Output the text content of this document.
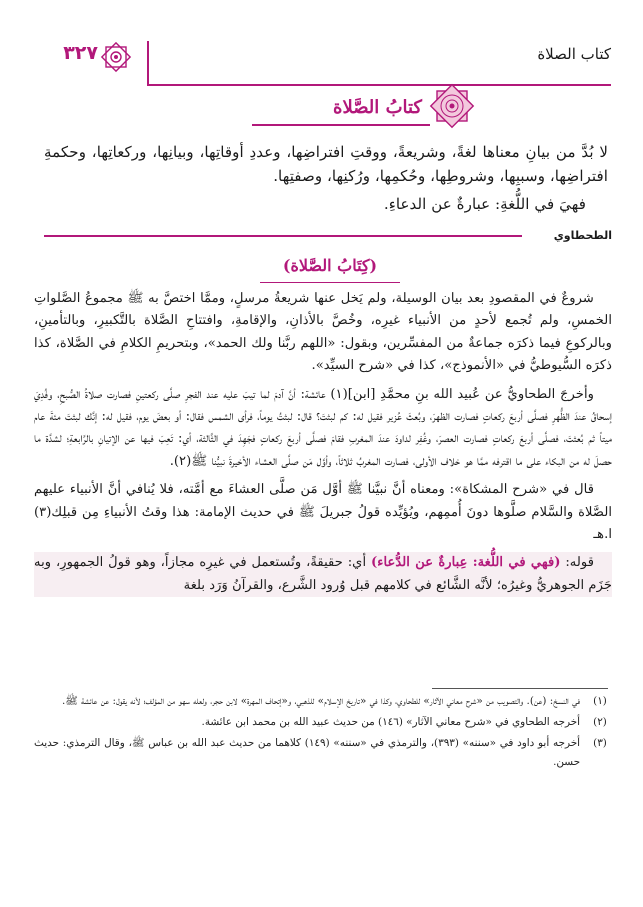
٣٢٧	كتاب الصلاة
كتابُ الصَّلاة

لا بُدَّ من بيانِ معناها لغةً، وشريعةً، ووقتِ افتراضِها، وعددِ أوقاتِها، وبيانِها، وركعاتِها، وحكمةِ افتراضِها، وسببِها، وشروطِها، وحُكمِها، ورُكنِها، وصفتِها.

فهيَ في اللُّغةِ: عبارةٌ عن الدعاءِ.

الطحطاوي
(كِتَابُ الصَّلاة)

شروعٌ في المقصودِ بعد بيان الوسيلة، ولم يَخل عنها شريعةُ مرسلٍ، وممَّا اختصَّ به ﷺ مجموعُ الصَّلواتِ الخمسِ، ولم تُجمع لأحدٍ من الأنبياء غيرِه، وخُصَّ بالأذانِ، والإقامةِ، وافتتاحِ الصَّلاة بالتَّكبيرِ، وبالتأمينِ، وبالركوعِ فيما ذكرَه جماعةٌ من المفسِّرين، وبقول: «اللهم ربَّنا ولك الحمد»، وبتحريمِ الكلامِ في الصَّلاة، كذا ذكرَه السُّيوطيُّ في «الأنموذج»، كذا في «شرح السيِّد».

وأخرجَ الطحاويُّ عن عُبيد الله بنِ محمَّدِ [ابن](١) عائشة: أنَّ آدمَ لما تيبَ عليه عند الفجرِ صلَّى ركعتينِ فصارت صلاةُ الصُّبحِ، وفُدِيَ إسحاقُ عندَ الظُّهرِ فصلَّى أربعَ ركعاتٍ فصارت الظهرَ، وبُعثَ عُزير فقيل له: كم لبثتَ؟ قال: لبثتُ يوماً، فرأى الشمس فقال: أو بعضَ يوم، فقيل له: إنَّك لبثتَ مئةَ عام ميتاً ثم بُعثتَ، فصلَّى أربعَ ركعاتٍ فصارت العصرَ، وغُفِر لداودَ عندَ المغربِ فقامَ فصلَّى أربعَ ركعاتٍ فجَهِدَ في الثَّالثة، أي: تَعِبَ فيها عن الإتيانِ بالرَّابعةِ؛ لشدَّة ما حصلَ له من البكاء على ما اقترفه ممَّا هو خلاف الأولى، فصارت المغربُ ثلاثاً، وأوَّل مَن صلَّى العشاء الأخيرةَ نبيُّنا ﷺ(٢).

قال في «شرح المشكاة»: ومعناه أنَّ نبيَّنا ﷺ أوَّل مَن صلَّى العشاءَ مع أمَّته، فلا يُنافي أنَّ الأنبياء عليهم الصَّلاة والسَّلام صلَّوها دونَ أُممِهم، ويُؤيِّده قولُ جبريلَ ﷺ في حديث الإمامة: هذا وقتُ الأنبياءِ مِن قبلِك(٣) ا.هـ

قوله: (فهي في اللُّغة: عِبارةٌ عن الدُّعاء) أي: حقيقةً، وتُستعمل في غيرِه مجازاً، وهو قولُ الجمهورِ، وبه جَزَم الجوهريُّ وغيرُه؛ لأنَّه الشَّائع في كلامهم قبل وُرود الشَّرع، والقرآنُ وَرَد بلغة

(١)
في النسخ: (عن). والتصويب من «شرح معاني الآثار» للطحاوي، وكذا في «تاريخ الإسلام» للذهبي، و«إتحاف المهرة» لابن حجر، ولعله سهو من المؤلف؛ لأنه يقول: عن عائشة ﷺ.
(٢)
أخرجه الطحاوي في «شرح معاني الآثار» (١٤٦) من حديث عبيد الله بن محمد ابن عائشة.
(٣)
أخرجه أبو داود في «سننه» (٣٩٣)، والترمذي في «سننه» (١٤٩) كلاهما من حديث عبد الله بن عباس ﷺ، وقال الترمذي: حديث حسن.
